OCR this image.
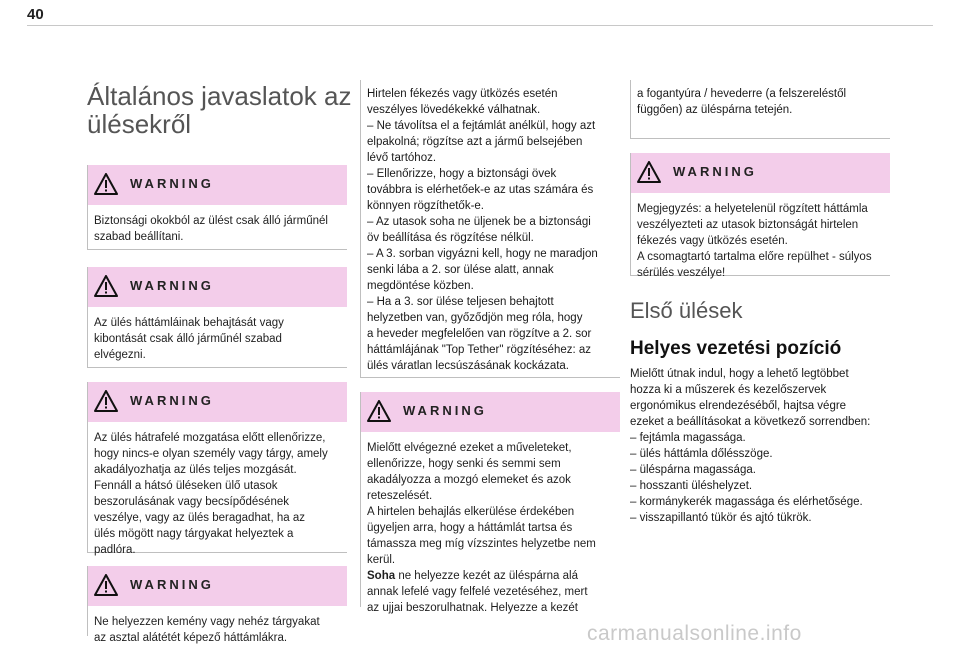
40
Általános javaslatok az
ülésekről
WARNING
Biztonsági okokból az ülést csak álló járműnél
szabad beállítani.
WARNING
Az ülés háttámláinak behajtását vagy
kibontását csak álló járműnél szabad
elvégezni.
WARNING
Az ülés hátrafelé mozgatása előtt ellenőrizze,
hogy nincs-e olyan személy vagy tárgy, amely
akadályozhatja az ülés teljes mozgását.
Fennáll a hátsó üléseken ülő utasok
beszorulásának vagy becsípődésének
veszélye, vagy az ülés beragadhat, ha az
ülés mögött nagy tárgyakat helyeztek a
padlóra.
WARNING
Ne helyezzen kemény vagy nehéz tárgyakat
az asztal alátétét képező háttámlákra.
Hirtelen fékezés vagy ütközés esetén
veszélyes lövedékekké válhatnak.
– Ne távolítsa el a fejtámlát anélkül, hogy azt
elpakolná; rögzítse azt a jármű belsejében
lévő tartóhoz.
– Ellenőrizze, hogy a biztonsági övek
továbbra is elérhetőek-e az utas számára és
könnyen rögzíthetők-e.
– Az utasok soha ne üljenek be a biztonsági
öv beállítása és rögzítése nélkül.
– A 3. sorban vigyázni kell, hogy ne maradjon
senki lába a 2. sor ülése alatt, annak
megdöntése közben.
– Ha a 3. sor ülése teljesen behajtott
helyzetben van, győződjön meg róla, hogy
a heveder megfelelően van rögzítve a 2. sor
háttámlájának "Top Tether" rögzítéséhez: az
ülés váratlan lecsúszásának kockázata.
WARNING
Mielőtt elvégezné ezeket a műveleteket,
ellenőrizze, hogy senki és semmi sem
akadályozza a mozgó elemeket és azok
reteszelését.
A hirtelen behajlás elkerülése érdekében
ügyeljen arra, hogy a háttámlát tartsa és
támassza meg míg vízszintes helyzetbe nem
kerül.
Soha ne helyezze kezét az üléspárna alá
annak lefelé vagy felfelé vezetéséhez, mert
az ujjai beszorulhatnak. Helyezze a kezét
a fogantyúra / hevederre (a felszereléstől
függően) az üléspárna tetején.
WARNING
Megjegyzés: a helyetelenül rögzített háttámla
veszélyezteti az utasok biztonságát hirtelen
fékezés vagy ütközés esetén.
A csomagtartó tartalma előre repülhet - súlyos
sérülés veszélye!
Első ülések
Helyes vezetési pozíció
Mielőtt útnak indul, hogy a lehető legtöbbet
hozza ki a műszerek és kezelőszervek
ergonómikus elrendezéséből, hajtsa végre
ezeket a beállításokat a következő sorrendben:
– fejtámla magassága.
– ülés háttámla dőlésszöge.
– üléspárna magassága.
– hosszanti üléshelyzet.
– kormánykerék magassága és elérhetősége.
– visszapillantó tükör és ajtó tükrök.
carmanualsonline.info
